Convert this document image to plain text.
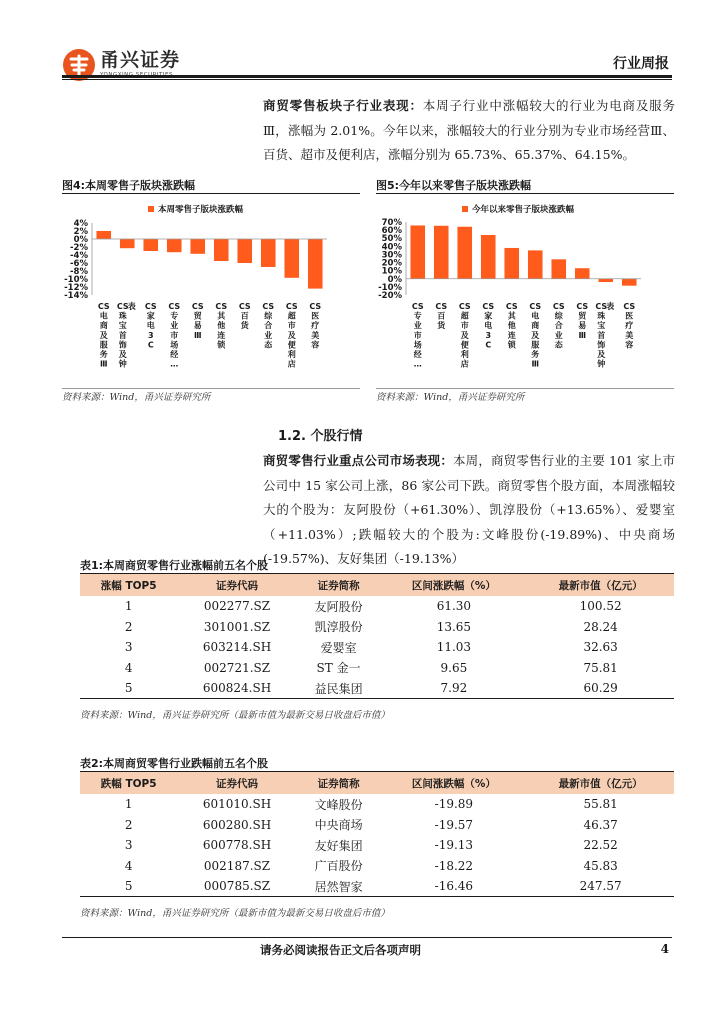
甬兴证券	行业周报
商贸零售板块子行业表现：本周子行业中涨幅较大的行业为电商及服务Ⅲ，涨幅为 2.01%。今年以来，涨幅较大的行业分别为专业市场经营Ⅲ、百货、超市及便利店，涨幅分别为 65.73%、65.37%、64.15%。
图4:本周零售子版块涨跌幅
本周零售子版块涨跌幅
4%
2%
0%
-2%
-4%
-6%
-8%
-10%
-12%
-14%
CS 电商及服务 Ⅲ
CS 珠宝首饰及钟
表 CS 家电 3 C
CS 专业市场经…
CS 贸易 Ⅲ
CS 其他连锁
CS 百货
CS 综合业态
CS 超市及便利店
CS 医疗美容
资料来源：Wind，甬兴证券研究所
图5:今年以来零售子版块涨跌幅
今年以来零售子版块涨跌幅
70%
60%
50%
40%
30%
20%
10%
0%
-10%
-20%
CS 专业市场经…
CS 百货
CS 超市及便利店
CS 家电 3 C
CS 其他连锁
CS 电商及服务 Ⅲ
CS 综合业态
CS 贸易 Ⅲ
CS 珠宝首饰及钟
表 CS 医疗美容
资料来源：Wind，甬兴证券研究所
1.2. 个股行情
商贸零售行业重点公司市场表现：本周，商贸零售行业的主要 101 家上市公司中 15 家公司上涨，86 家公司下跌。商贸零售个股方面，本周涨幅较大的个股为：友阿股份（+61.30%）、凯淳股份（+13.65%）、爱婴室（+11.03%）;跌幅较大的个股为:文峰股份(-19.89%)、中央商场(-19.57%)、友好集团（-19.13%）
表1:本周商贸零售行业涨幅前五名个股
涨幅 TOP5	证券代码	证券简称	区间涨跌幅（%）	最新市值（亿元）
1	002277.SZ	友阿股份	61.30	100.52
2	301001.SZ	凯淳股份	13.65	28.24
3	603214.SH	爱婴室	11.03	32.63
4	002721.SZ	ST 金一	9.65	75.81
5	600824.SH	益民集团	7.92	60.29
资料来源：Wind，甬兴证券研究所（最新市值为最新交易日收盘后市值）
表2:本周商贸零售行业跌幅前五名个股
跌幅 TOP5	证券代码	证券简称	区间涨跌幅（%）	最新市值（亿元）
1	601010.SH	文峰股份	-19.89	55.81
2	600280.SH	中央商场	-19.57	46.37
3	600778.SH	友好集团	-19.13	22.52
4	002187.SZ	广百股份	-18.22	45.83
5	000785.SZ	居然智家	-16.46	247.57
资料来源：Wind，甬兴证券研究所（最新市值为最新交易日收盘后市值）
请务必阅读报告正文后各项声明	4
